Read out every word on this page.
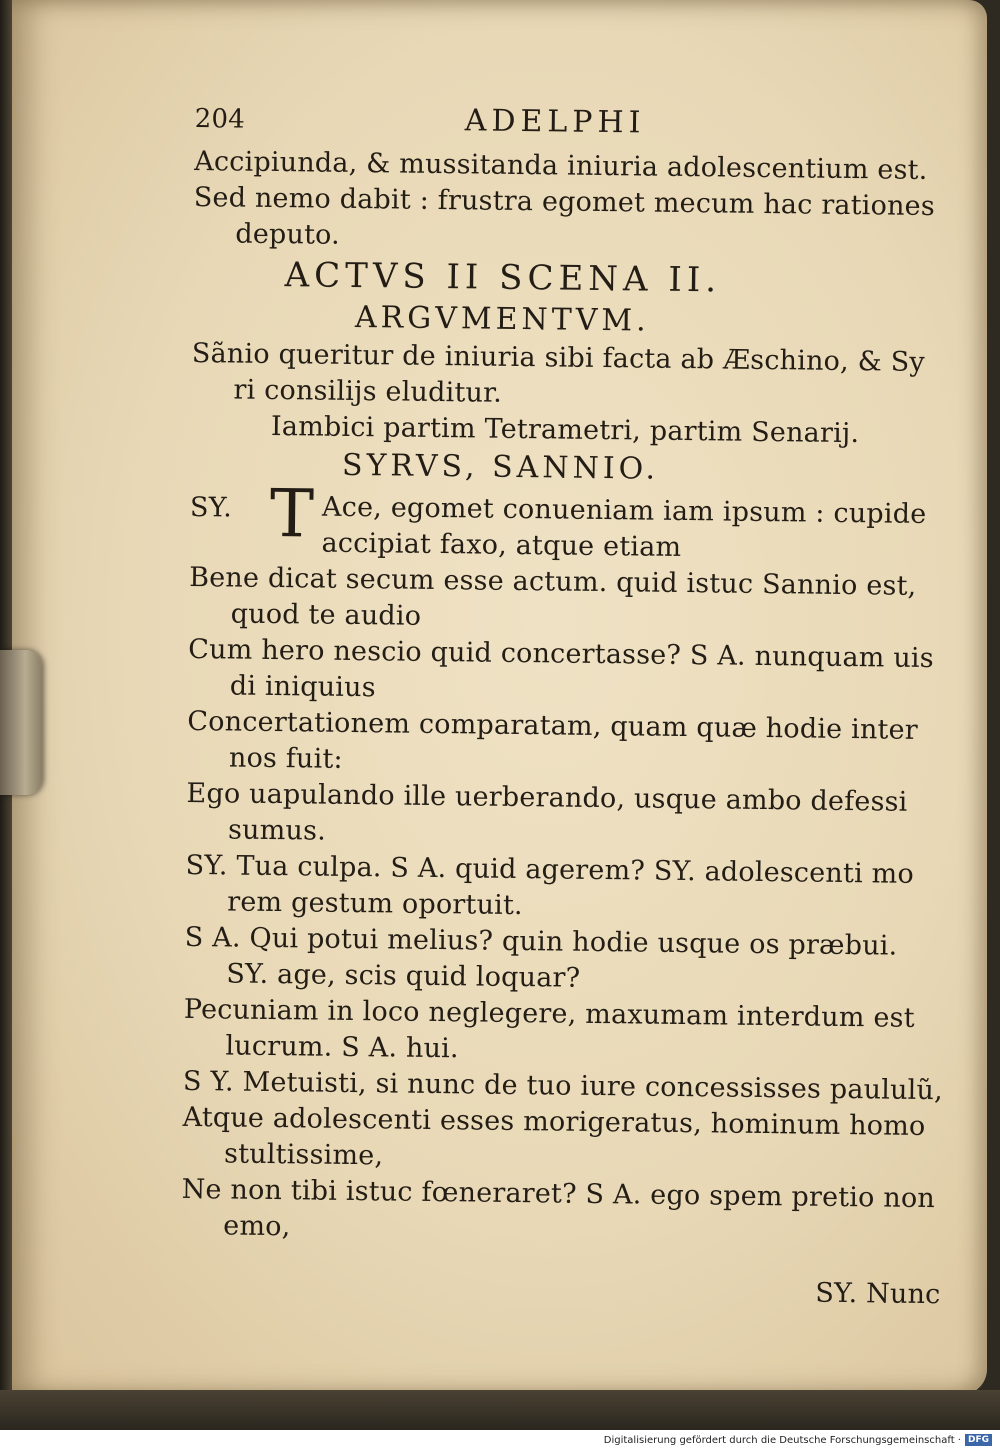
204	ADELPHI
Accipiunda, & mussitanda iniuria adolescentium est.
Sed nemo dabit : frustra egomet mecum hac rationes
deputo.
ACTVS II SCENA II.
ARGVMENTVM.
Sãnio queritur de iniuria sibi facta ab Æschino, & Sy
ri consilijs eluditur.
Iambici partim Tetrametri, partim Senarij.
SYRVS, SANNIO.
SY. T Ace, egomet conueniam iam ipsum : cupide
accipiat faxo, atque etiam
Bene dicat secum esse actum. quid istuc Sannio est,
quod te audio
Cum hero nescio quid concertasse? S A. nunquam uis
di iniquius
Concertationem comparatam, quam quæ hodie inter
nos fuit:
Ego uapulando ille uerberando, usque ambo defessi
sumus.
SY. Tua culpa. S A. quid agerem? SY. adolescenti mo
rem gestum oportuit.
S A. Qui potui melius? quin hodie usque os præbui.
SY. age, scis quid loquar?
Pecuniam in loco neglegere, maxumam interdum est
lucrum. S A. hui.
S Y. Metuisti, si nunc de tuo iure concessisses paululũ,
Atque adolescenti esses morigeratus, hominum homo
stultissime,
Ne non tibi istuc fœneraret? S A. ego spem pretio non
emo,
SY. Nunc
Digitalisierung gefördert durch die Deutsche Forschungsgemeinschaft · DFG
